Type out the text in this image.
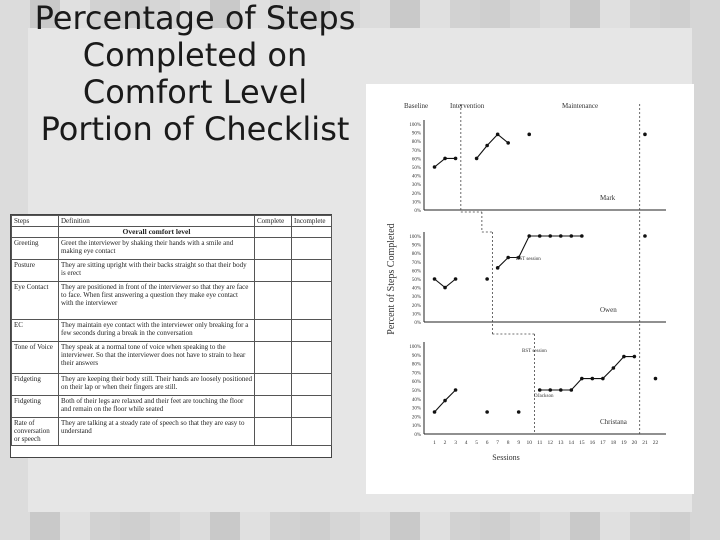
Percentage of Steps
Completed on
Comfort Level
Portion of Checklist
Steps	Definition	Complete	Incomplete
	Overall comfort level		
Greeting	Greet the interviewer by shaking their hands with a smile and making eye contact		
Posture	They are sitting upright with their backs straight so that their body is erect		
Eye Contact	They are positioned in front of the interviewer so that they are face to face. When first answering a question they make eye contact with the interviewer		
EC	They maintain eye contact with the interviewer only breaking for a few seconds during a break in the conversation		
Tone of Voice	They speak at a normal tone of voice when speaking to the interviewer. So that the interviewer does not have to strain to hear their answers		
Fidgeting	They are keeping their body still. Their hands are loosely positioned on their lap or when their fingers are still.		
Fidgeting	Both of their legs are relaxed and their feet are touching the floor and remain on the floor while seated		
Rate of conversation or speech	They are talking at a steady rate of speech so that they are easy to understand		
Baseline	Intervention	Maintenance
Percent of Steps Completed
0%
10%
20%
30%
40%
50%
60%
70%
80%
90%
100%
Mark
0%
10%
20%
30%
40%
50%
60%
70%
80%
90%
100%
Owen
0%
10%
20%
30%
40%
50%
60%
70%
80%
90%
100%
Christana
1 2 3 4 5 6 7 8 9 10 11 12 13 14 15 16 17 18 19 20 21 22
Sessions
BST session
BST session
DJackson
